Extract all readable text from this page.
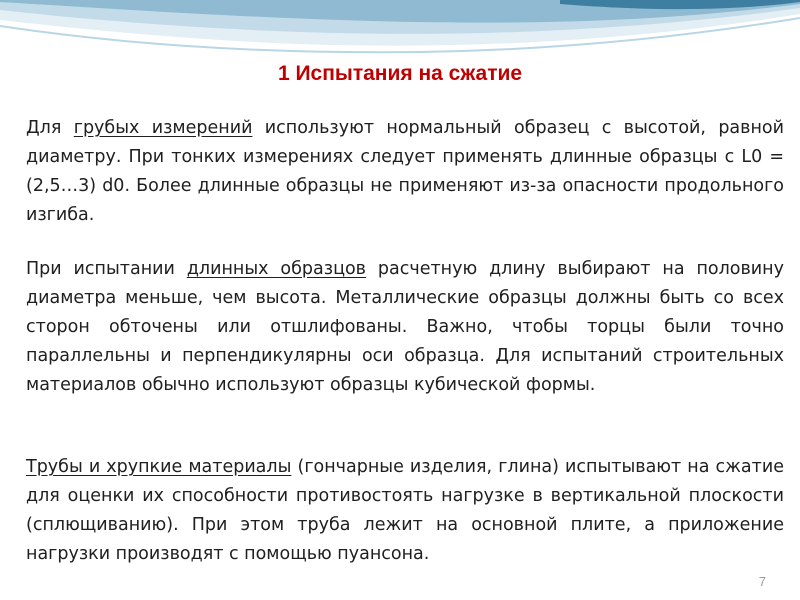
1 Испытания на сжатие
Для грубых измерений используют нормальный образец с высотой, равной диаметру. При тонких измерениях следует применять длинные образцы с L0 = (2,5…3) d0. Более длинные образцы не применяют из-за опасности продольного изгиба.
При испытании длинных образцов расчетную длину выбирают на половину диаметра меньше, чем высота. Металлические образцы должны быть со всех сторон обточены или отшлифованы. Важно, чтобы торцы были точно параллельны и перпендикулярны оси образца. Для испытаний строительных материалов обычно используют образцы кубической формы.
Трубы и хрупкие материалы (гончарные изделия, глина) испытывают на сжатие для оценки их способности противостоять нагрузке в вертикальной плоскости (сплющиванию). При этом труба лежит на основной плите, а приложение нагрузки производят с помощью пуансона.
7
